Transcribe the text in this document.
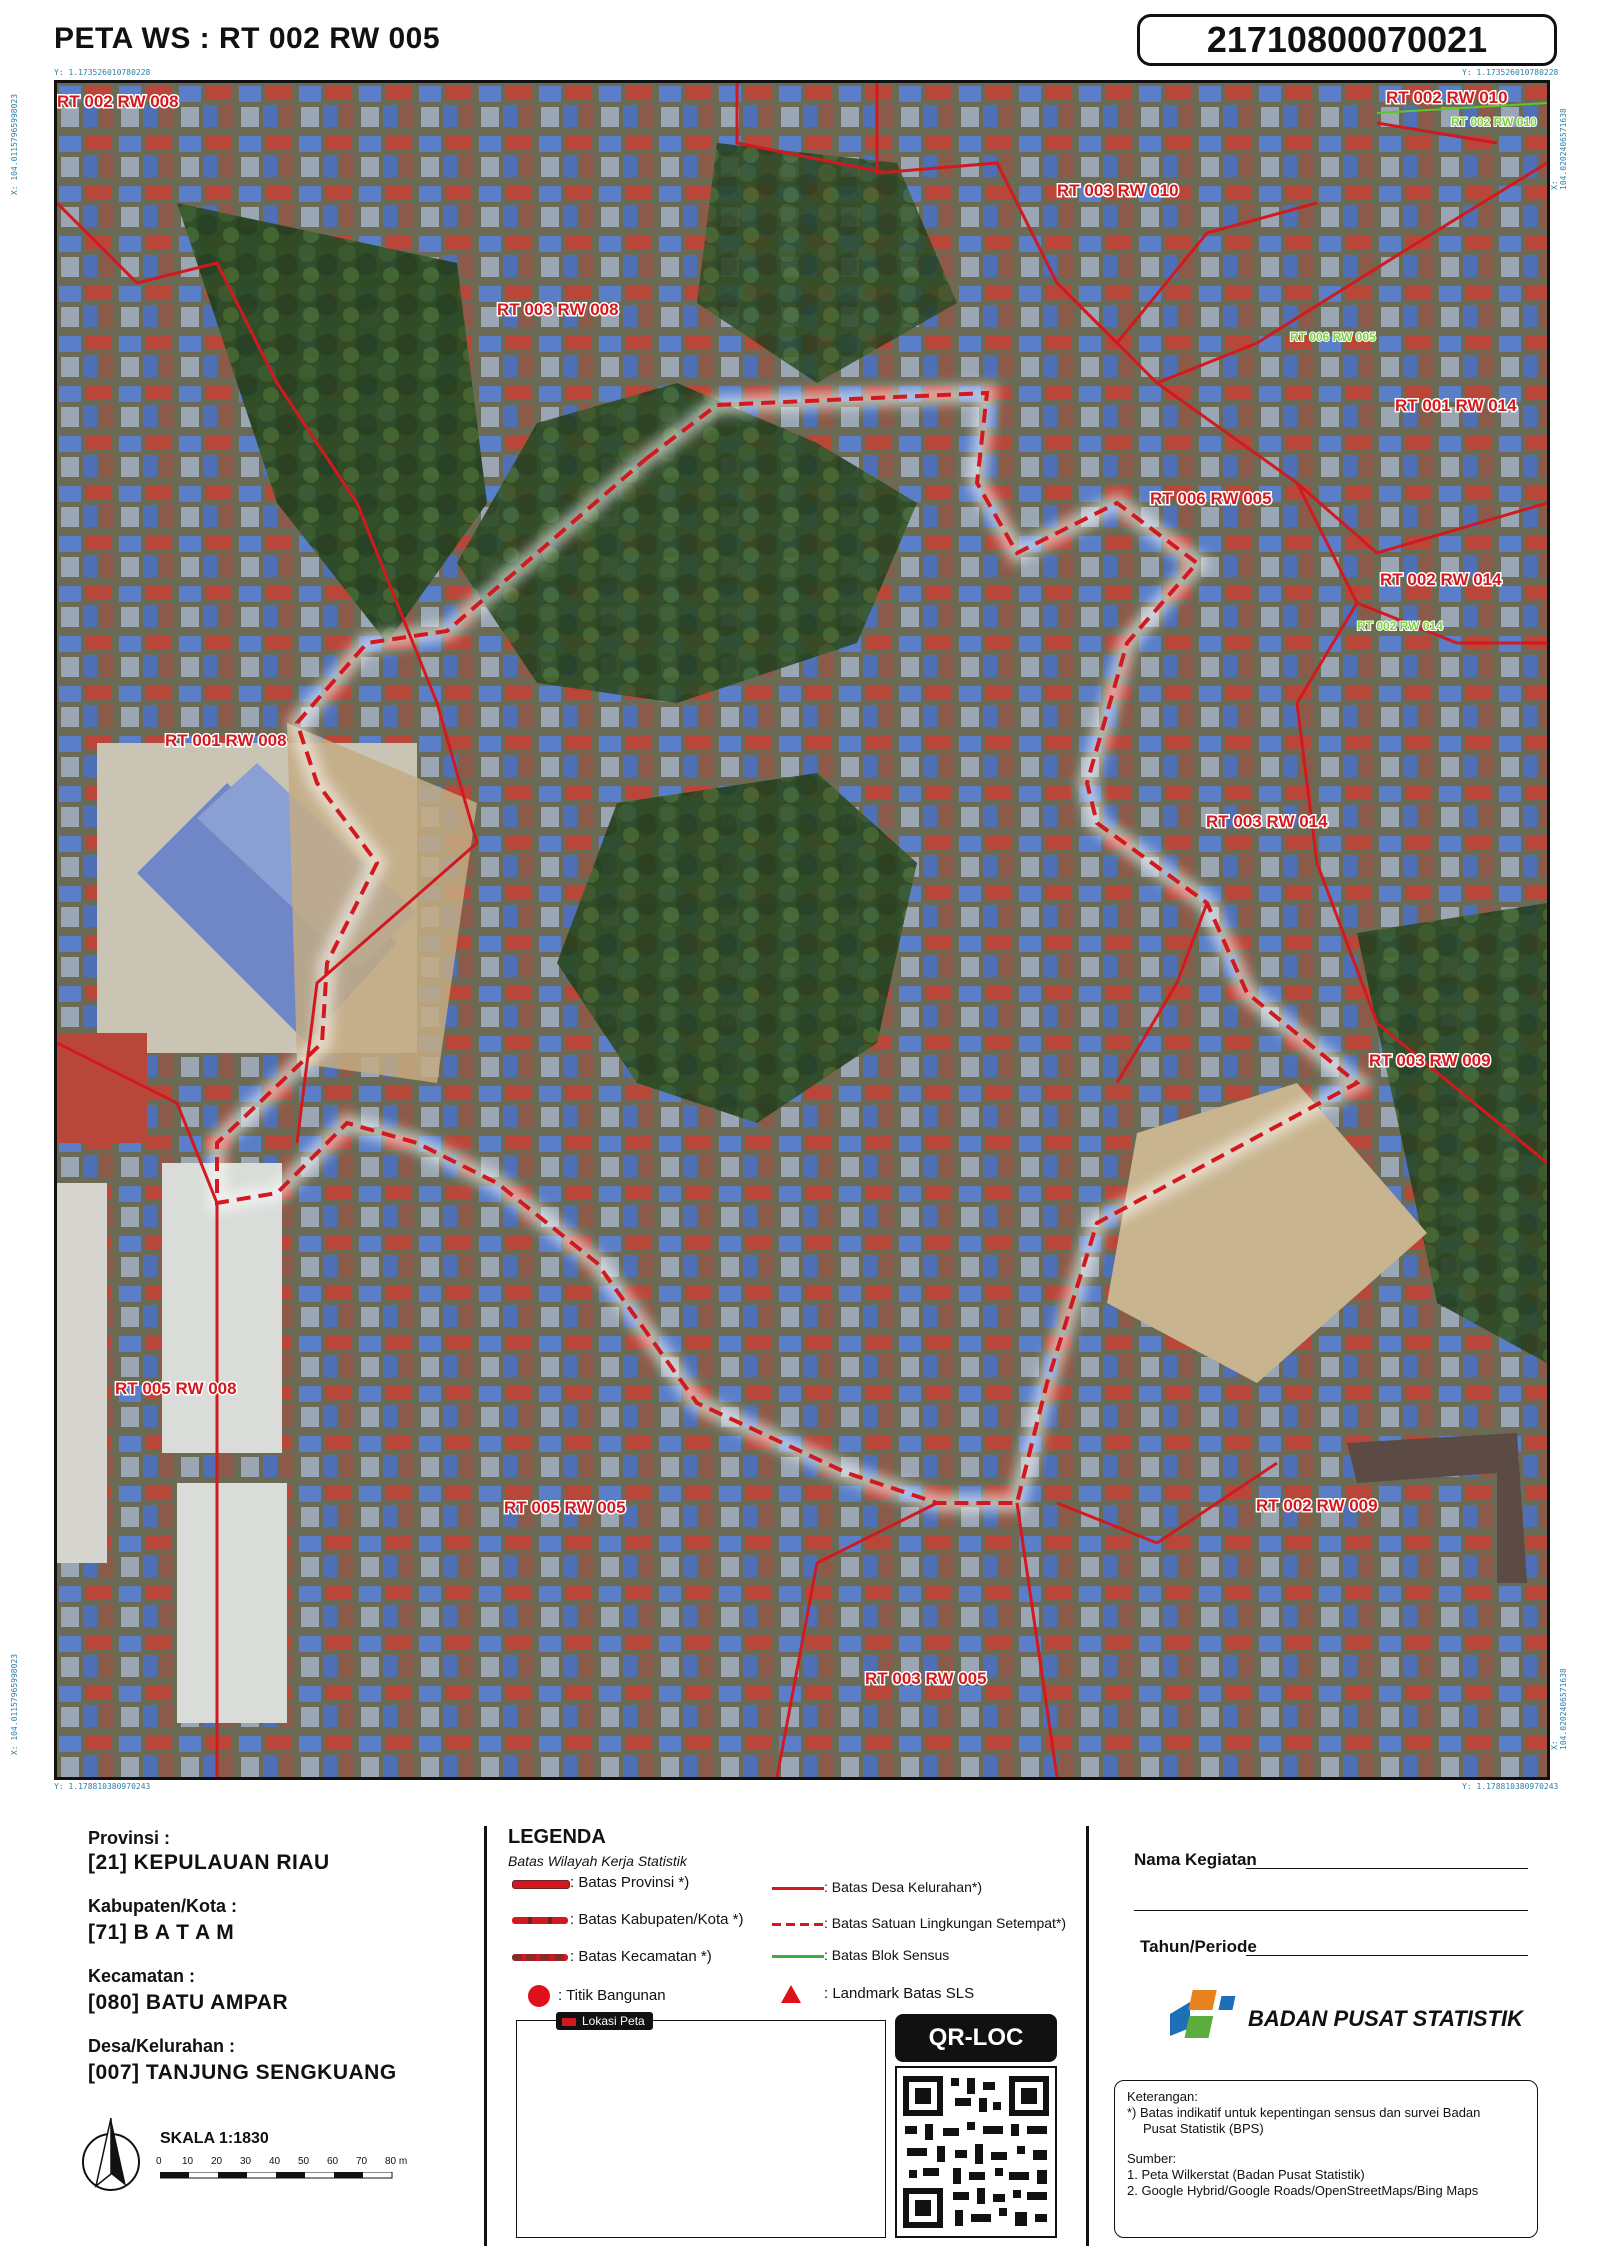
PETA WS : RT 002 RW 005	21710800070021
Y: 1.173526010780228	Y: 1.173526010780228
Y: 1.178810380970243	Y: 1.178810380970243
X: 104.01157965998023
X: 104.01157965998023
X: 104.0202406571638
X: 104.0202406571638
RT 002 RW 008
RT 003 RW 008
RT 001 RW 008
RT 005 RW 008
RT 005 RW 005
RT 003 RW 005
RT 002 RW 009
RT 003 RW 009
RT 003 RW 014
RT 002 RW 014
RT 001 RW 014
RT 006 RW 005
RT 003 RW 010
RT 002 RW 010
RT 002 RW 010
RT 006 RW 005
RT 002 RW 014
Provinsi :
[21] KEPULAUAN RIAU
Kabupaten/Kota :
[71] B A T A M
Kecamatan :
[080] BATU AMPAR
Desa/Kelurahan :
[007] TANJUNG SENGKUANG
SKALA 1:1830
0 10 20 30 40 50 60 70 80 m
LEGENDA
Batas Wilayah Kerja Statistik
: Batas Provinsi *)
: Batas Kabupaten/Kota *)
: Batas Kecamatan *)
: Batas Desa Kelurahan*)
: Batas Satuan Lingkungan Setempat*)
: Batas Blok Sensus
: Titik Bangunan	: Landmark Batas SLS
Lokasi Peta
QR-LOC
Nama Kegiatan
Tahun/Periode
BADAN PUSAT STATISTIK
Keterangan:
*) Batas indikatif untuk kepentingan sensus dan survei Badan
Pusat Statistik (BPS)
Sumber:
1. Peta Wilkerstat (Badan Pusat Statistik)
2. Google Hybrid/Google Roads/OpenStreetMaps/Bing Maps
